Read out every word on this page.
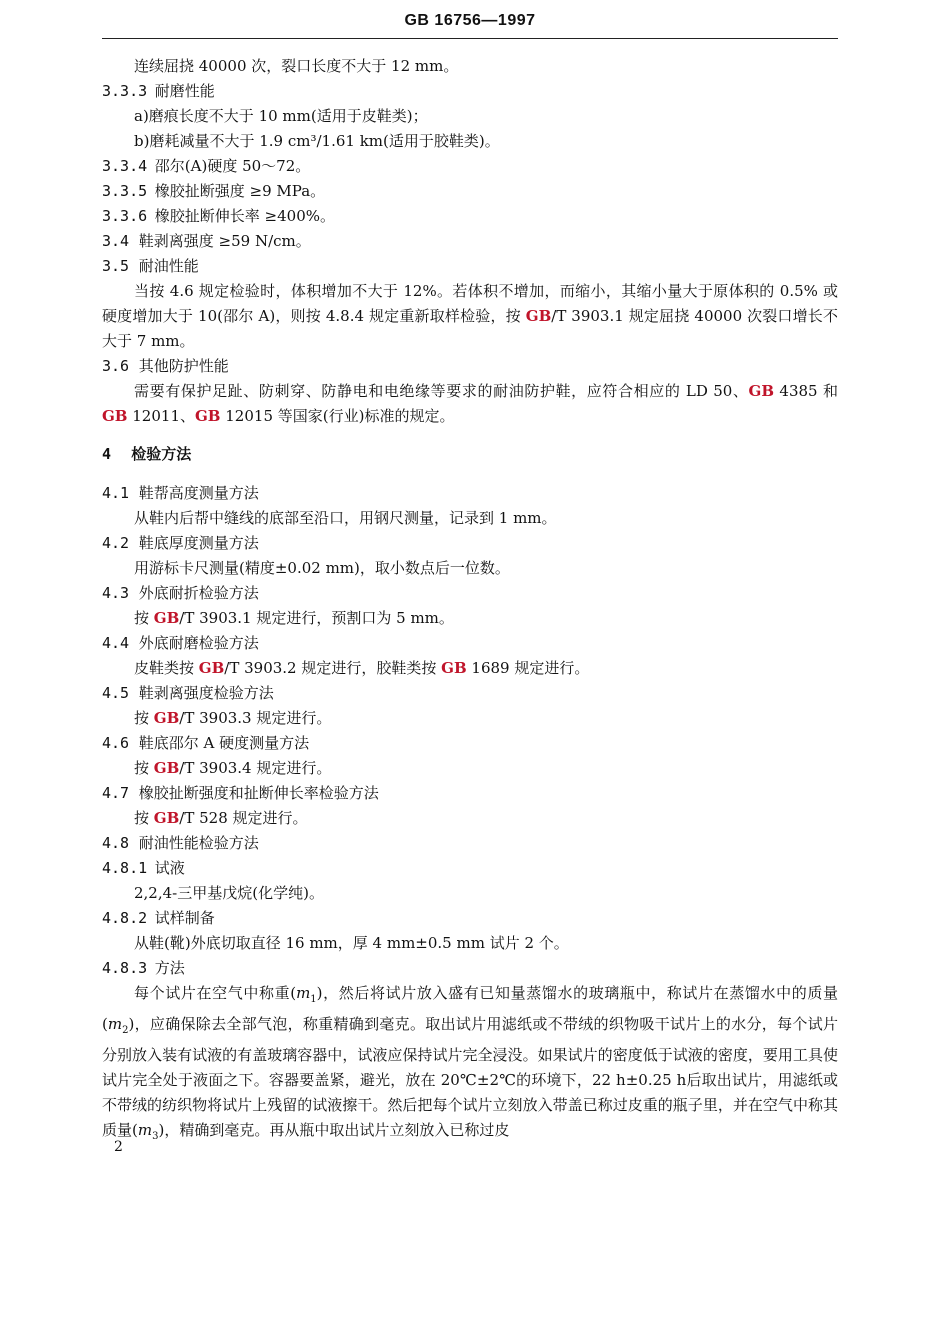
GB 16756—1997
连续屈挠 40000 次，裂口长度不大于 12 mm。
3.3.3 耐磨性能
a)磨痕长度不大于 10 mm(适用于皮鞋类)；
b)磨耗减量不大于 1.9 cm³/1.61 km(适用于胶鞋类)。
3.3.4 邵尔(A)硬度 50～72。
3.3.5 橡胶扯断强度 ≥9 MPa。
3.3.6 橡胶扯断伸长率 ≥400%。
3.4 鞋剥离强度 ≥59 N/cm。
3.5 耐油性能
当按 4.6 规定检验时，体积增加不大于 12%。若体积不增加，而缩小，其缩小量大于原体积的 0.5% 或硬度增加大于 10(邵尔 A)，则按 4.8.4 规定重新取样检验，按 GB/T 3903.1 规定屈挠 40000 次裂口增长不大于 7 mm。
3.6 其他防护性能
需要有保护足趾、防刺穿、防静电和电绝缘等要求的耐油防护鞋，应符合相应的 LD 50、GB 4385 和 GB 12011、GB 12015 等国家(行业)标准的规定。
4 检验方法
4.1 鞋帮高度测量方法
从鞋内后帮中缝线的底部至沿口，用钢尺测量，记录到 1 mm。
4.2 鞋底厚度测量方法
用游标卡尺测量(精度±0.02 mm)，取小数点后一位数。
4.3 外底耐折检验方法
按 GB/T 3903.1 规定进行，预割口为 5 mm。
4.4 外底耐磨检验方法
皮鞋类按 GB/T 3903.2 规定进行，胶鞋类按 GB 1689 规定进行。
4.5 鞋剥离强度检验方法
按 GB/T 3903.3 规定进行。
4.6 鞋底邵尔 A 硬度测量方法
按 GB/T 3903.4 规定进行。
4.7 橡胶扯断强度和扯断伸长率检验方法
按 GB/T 528 规定进行。
4.8 耐油性能检验方法
4.8.1 试液
2,2,4-三甲基戊烷(化学纯)。
4.8.2 试样制备
从鞋(靴)外底切取直径 16 mm，厚 4 mm±0.5 mm 试片 2 个。
4.8.3 方法
每个试片在空气中称重$(m_1)$，然后将试片放入盛有已知量蒸馏水的玻璃瓶中，称试片在蒸馏水中的质量$(m_2)$，应确保除去全部气泡，称重精确到毫克。取出试片用滤纸或不带绒的织物吸干试片上的水分，每个试片分别放入装有试液的有盖玻璃容器中，试液应保持试片完全浸没。如果试片的密度低于试液的密度，要用工具使试片完全处于液面之下。容器要盖紧，避光，放在 20℃±2℃的环境下，22 h±0.25 h后取出试片，用滤纸或不带绒的纺织物将试片上残留的试液擦干。然后把每个试片立刻放入带盖已称过皮重的瓶子里，并在空气中称其质量$(m_3)$，精确到毫克。再从瓶中取出试片立刻放入已称过皮
2
